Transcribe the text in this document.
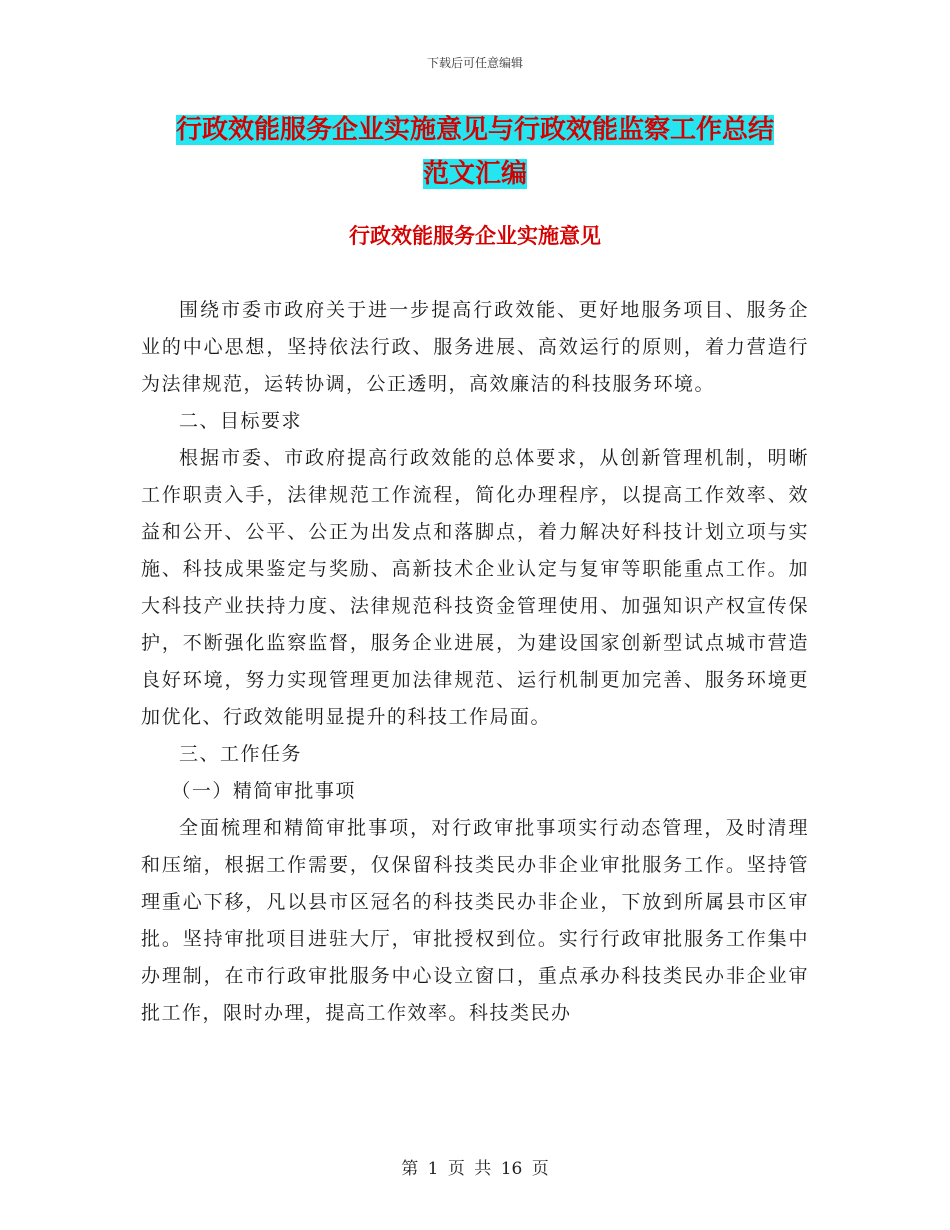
下载后可任意编辑
行政效能服务企业实施意见与行政效能监察工作总结
范文汇编
行政效能服务企业实施意见

围绕市委市政府关于进一步提高行政效能、更好地服务项目、服务企业的中心思想，坚持依法行政、服务进展、高效运行的原则，着力营造行为法律规范，运转协调，公正透明，高效廉洁的科技服务环境。

二、目标要求

根据市委、市政府提高行政效能的总体要求，从创新管理机制，明晰工作职责入手，法律规范工作流程，简化办理程序，以提高工作效率、效益和公开、公平、公正为出发点和落脚点，着力解决好科技计划立项与实施、科技成果鉴定与奖励、高新技术企业认定与复审等职能重点工作。加大科技产业扶持力度、法律规范科技资金管理使用、加强知识产权宣传保护，不断强化监察监督，服务企业进展，为建设国家创新型试点城市营造良好环境，努力实现管理更加法律规范、运行机制更加完善、服务环境更加优化、行政效能明显提升的科技工作局面。

三、工作任务

（一）精简审批事项

全面梳理和精简审批事项，对行政审批事项实行动态管理，及时清理和压缩，根据工作需要，仅保留科技类民办非企业审批服务工作。坚持管理重心下移，凡以县市区冠名的科技类民办非企业，下放到所属县市区审批。坚持审批项目进驻大厅，审批授权到位。实行行政审批服务工作集中办理制，在市行政审批服务中心设立窗口，重点承办科技类民办非企业审批工作，限时办理，提高工作效率。科技类民办

第 1 页 共 16 页
